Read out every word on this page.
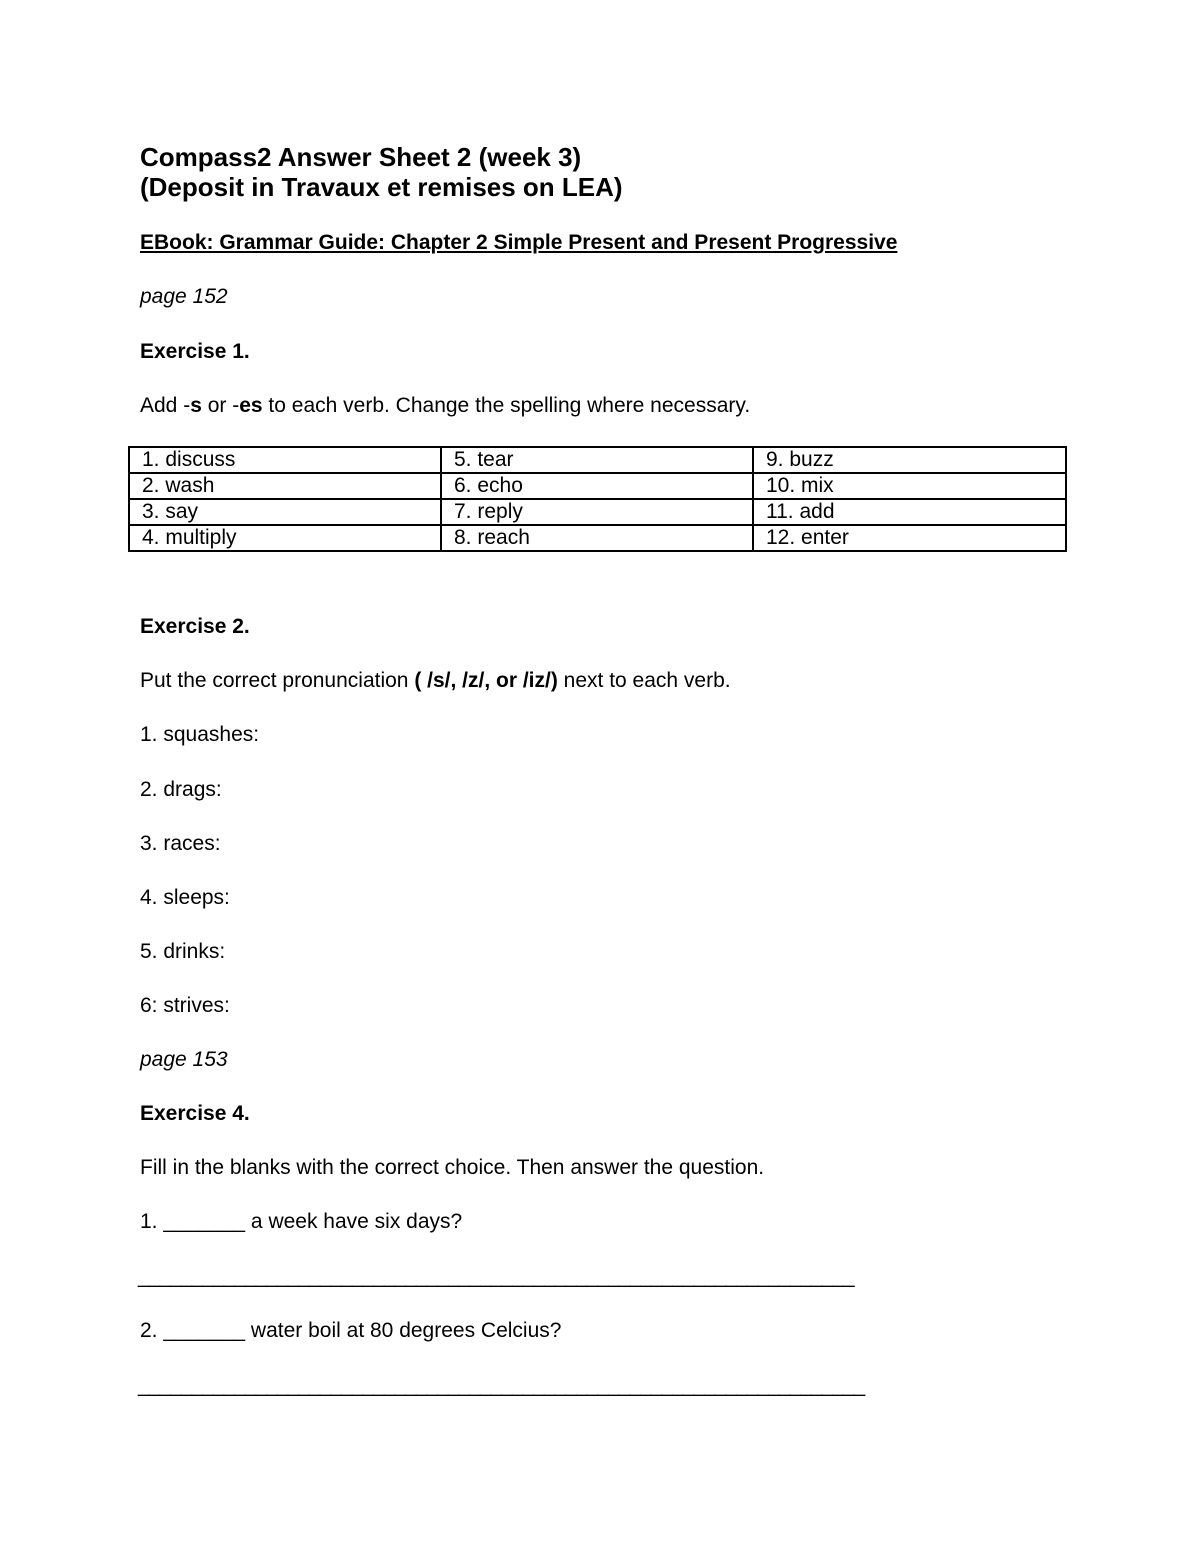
Compass2 Answer Sheet 2 (week 3)
(Deposit in Travaux et remises on LEA)
EBook: Grammar Guide: Chapter 2 Simple Present and Present Progressive
page 152
Exercise 1.
Add -s or -es to each verb. Change the spelling where necessary.
1. discuss	5. tear	9. buzz
2. wash	6. echo	10. mix
3. say	7. reply	11. add
4. multiply	8. reach	12. enter
Exercise 2.
Put the correct pronunciation ( /s/, /z/, or /iz/) next to each verb.
1. squashes:
2. drags:
3. races:
4. sleeps:
5. drinks:
6: strives:
page 153
Exercise 4.
Fill in the blanks with the correct choice. Then answer the question.
1. _______ a week have six days?
___________________________________________________________________
2. _______ water boil at 80 degrees Celcius?
____________________________________________________________________
